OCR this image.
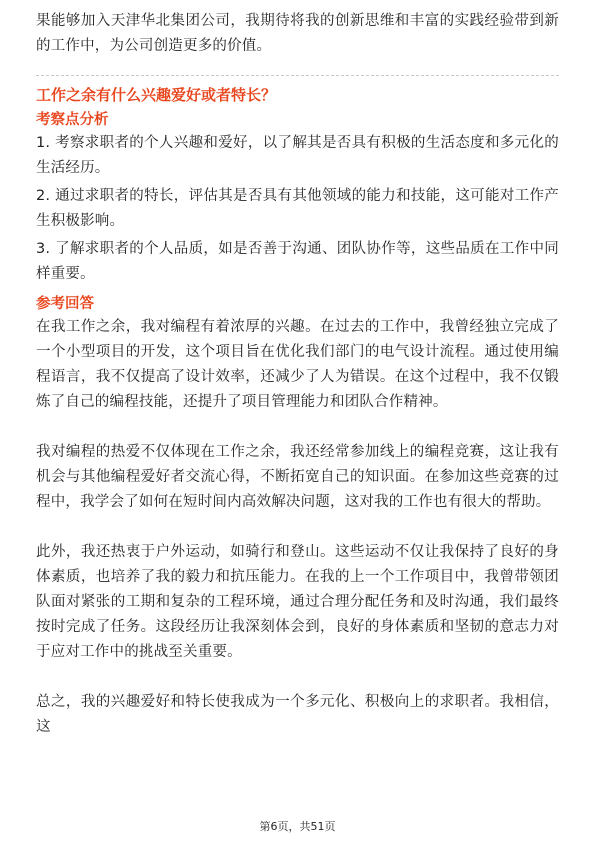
果能够加入天津华北集团公司，我期待将我的创新思维和丰富的实践经验带到新的工作中，为公司创造更多的价值。

工作之余有什么兴趣爱好或者特长？
考察点分析

1. 考察求职者的个人兴趣和爱好，以了解其是否具有积极的生活态度和多元化的生活经历。

2. 通过求职者的特长，评估其是否具有其他领域的能力和技能，这可能对工作产生积极影响。

3. 了解求职者的个人品质，如是否善于沟通、团队协作等，这些品质在工作中同样重要。

参考回答

在我工作之余，我对编程有着浓厚的兴趣。在过去的工作中，我曾经独立完成了一个小型项目的开发，这个项目旨在优化我们部门的电气设计流程。通过使用编程语言，我不仅提高了设计效率，还减少了人为错误。在这个过程中，我不仅锻炼了自己的编程技能，还提升了项目管理能力和团队合作精神。

我对编程的热爱不仅体现在工作之余，我还经常参加线上的编程竞赛，这让我有机会与其他编程爱好者交流心得，不断拓宽自己的知识面。在参加这些竞赛的过程中，我学会了如何在短时间内高效解决问题，这对我的工作也有很大的帮助。

此外，我还热衷于户外运动，如骑行和登山。这些运动不仅让我保持了良好的身体素质，也培养了我的毅力和抗压能力。在我的上一个工作项目中，我曾带领团队面对紧张的工期和复杂的工程环境，通过合理分配任务和及时沟通，我们最终按时完成了任务。这段经历让我深刻体会到，良好的身体素质和坚韧的意志力对于应对工作中的挑战至关重要。

总之，我的兴趣爱好和特长使我成为一个多元化、积极向上的求职者。我相信，这

第6页，共51页
